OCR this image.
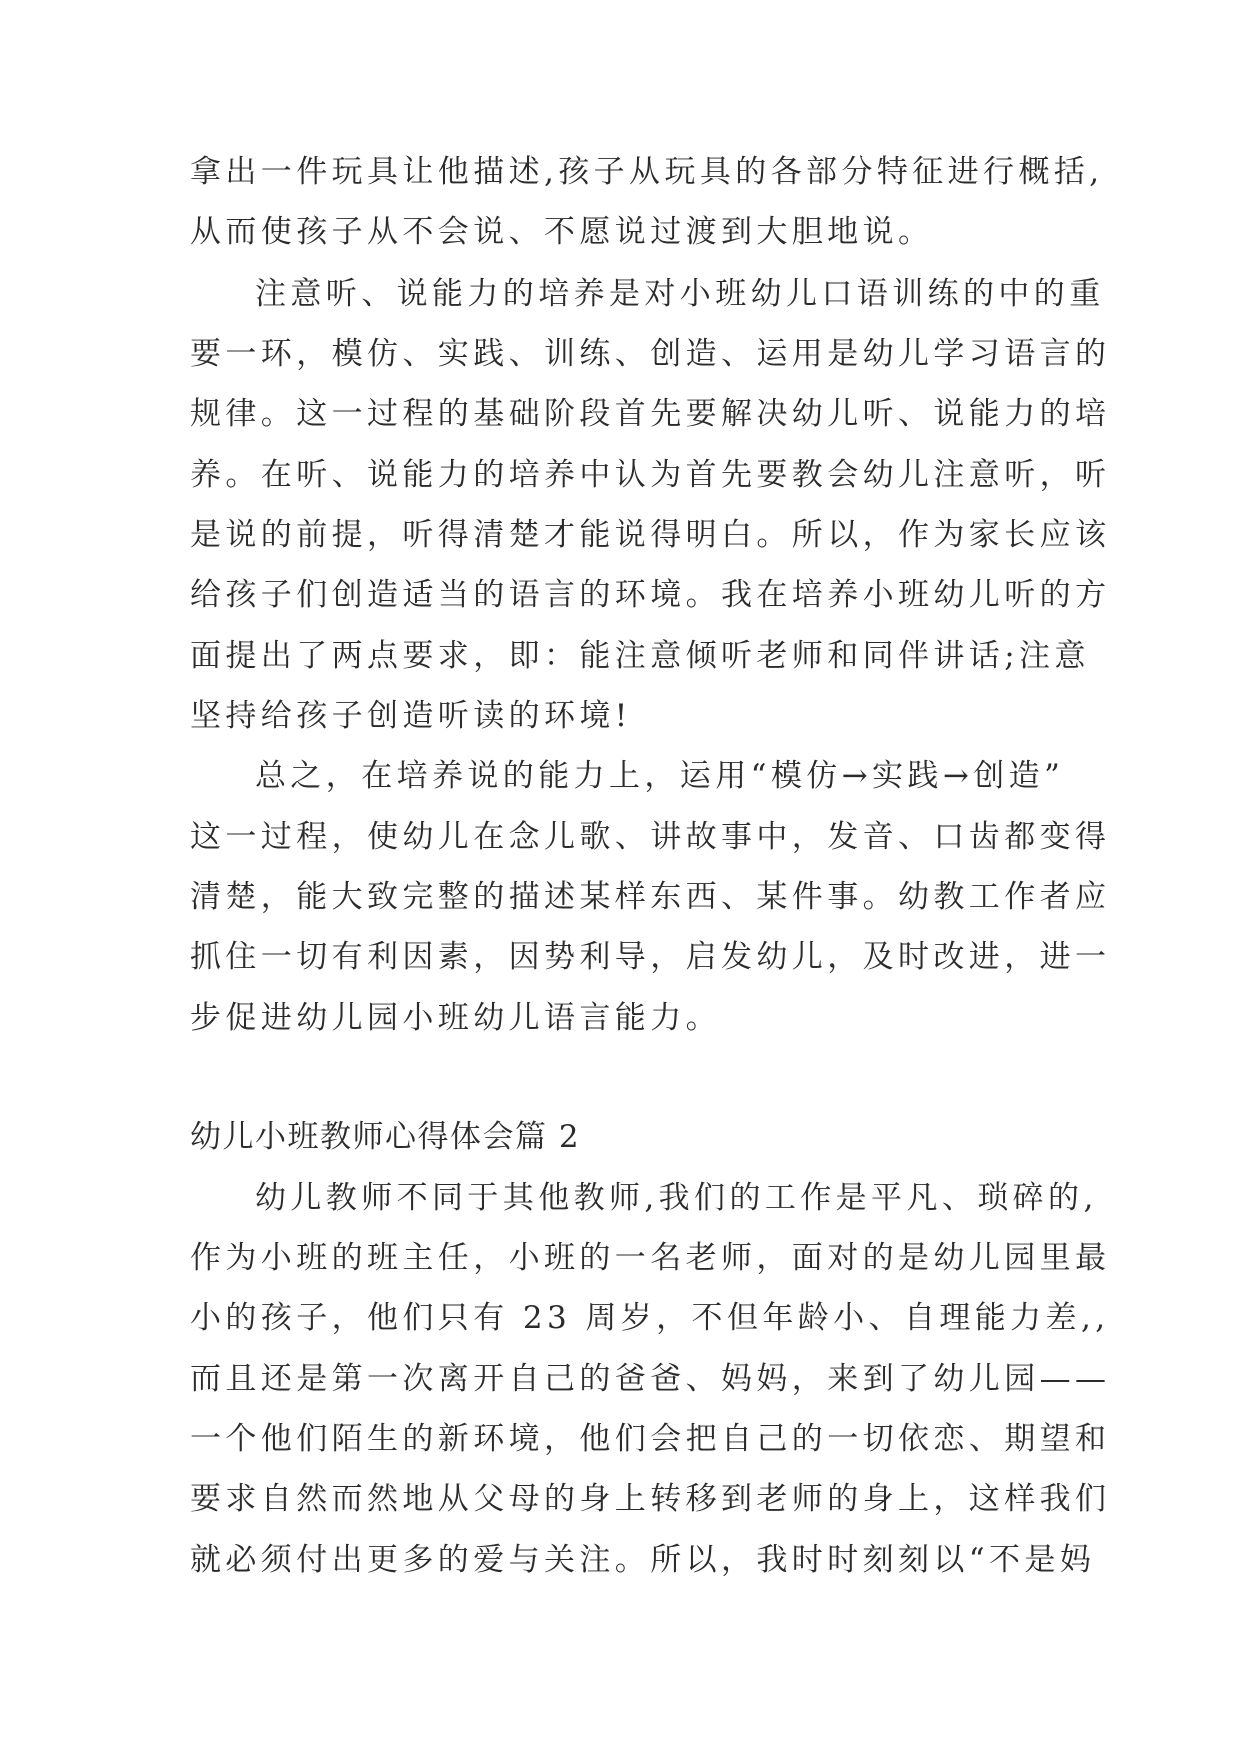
拿出一件玩具让他描述,孩子从玩具的各部分特征进行概括,
从而使孩子从不会说、不愿说过渡到大胆地说。
注意听、说能力的培养是对小班幼儿口语训练的中的重
要一环，模仿、实践、训练、创造、运用是幼儿学习语言的
规律。这一过程的基础阶段首先要解决幼儿听、说能力的培
养。在听、说能力的培养中认为首先要教会幼儿注意听，听
是说的前提，听得清楚才能说得明白。所以，作为家长应该
给孩子们创造适当的语言的环境。我在培养小班幼儿听的方
面提出了两点要求，即：能注意倾听老师和同伴讲话;注意
坚持给孩子创造听读的环境!
总之，在培养说的能力上，运用“模仿→实践→创造”
这一过程，使幼儿在念儿歌、讲故事中，发音、口齿都变得
清楚，能大致完整的描述某样东西、某件事。幼教工作者应
抓住一切有利因素，因势利导，启发幼儿，及时改进，进一
步促进幼儿园小班幼儿语言能力。
幼儿小班教师心得体会篇 2
幼儿教师不同于其他教师,我们的工作是平凡、琐碎的,
作为小班的班主任，小班的一名老师，面对的是幼儿园里最
小的孩子，他们只有 23 周岁，不但年龄小、自理能力差,,
而且还是第一次离开自己的爸爸、妈妈，来到了幼儿园——
一个他们陌生的新环境，他们会把自己的一切依恋、期望和
要求自然而然地从父母的身上转移到老师的身上，这样我们
就必须付出更多的爱与关注。所以，我时时刻刻以“不是妈
